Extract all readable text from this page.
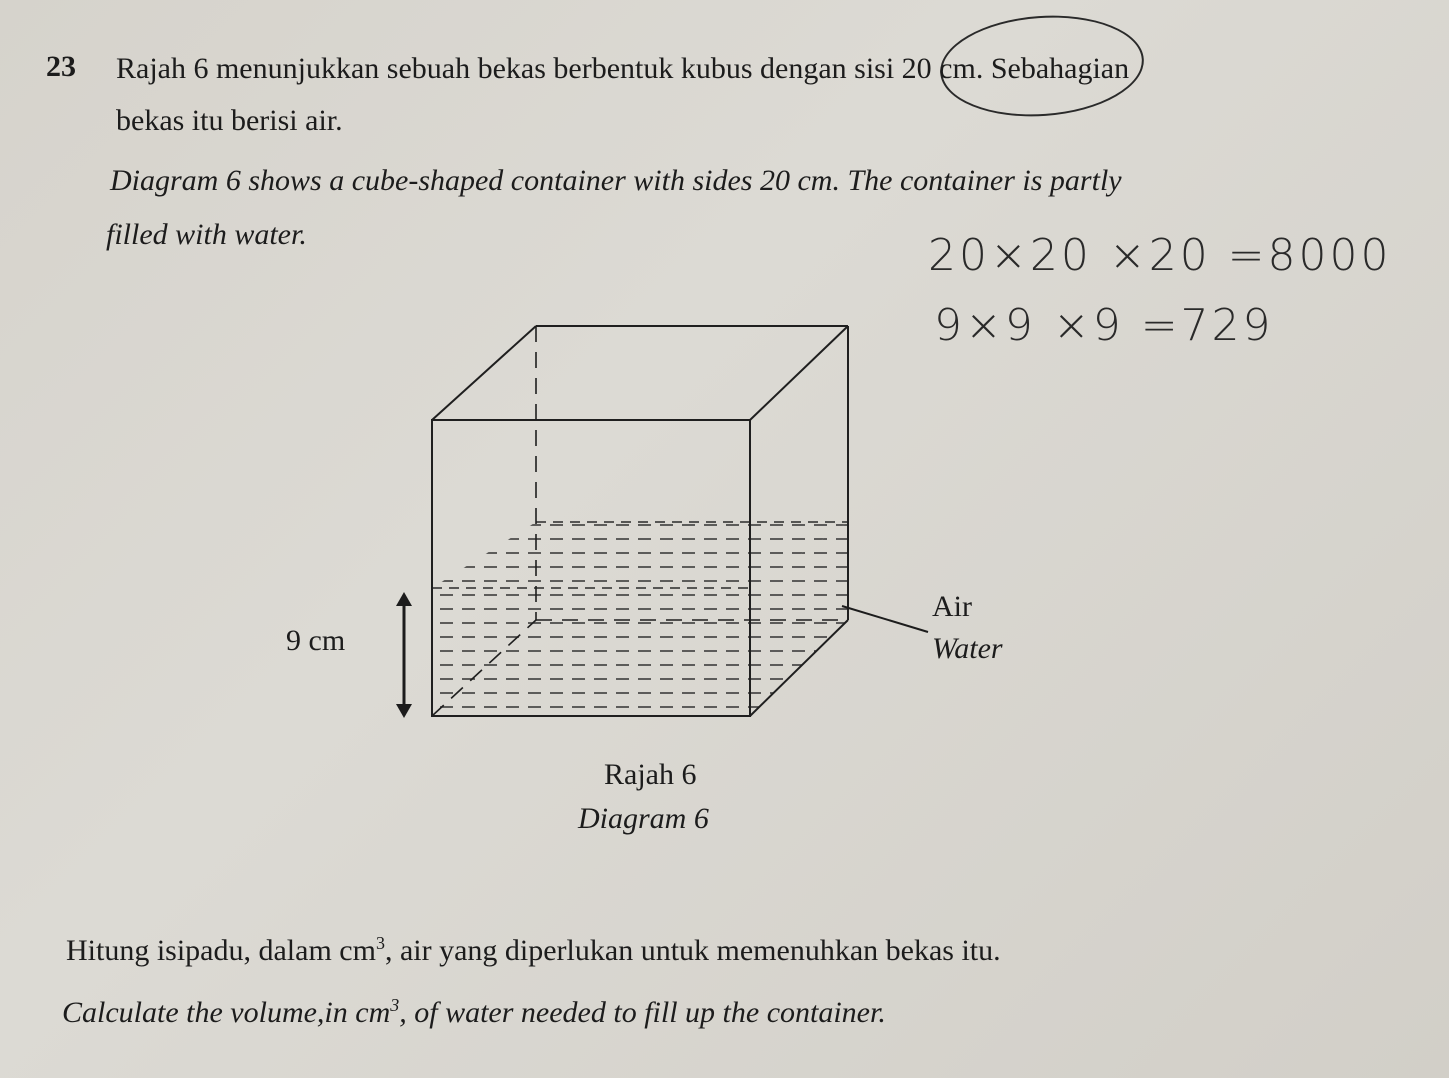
23 Rajah 6 menunjukkan sebuah bekas berbentuk kubus dengan sisi 20 cm. Sebahagian
bekas itu berisi air.
Diagram 6 shows a cube-shaped container with sides 20 cm. The container is partly
filled with water.	20×20 ×20 =8000
9×9 ×9 =729
9 cm
Air
Water
Rajah 6
Diagram 6
Hitung isipadu, dalam $cm^3$, air yang diperlukan untuk memenuhkan bekas itu.
Calculate the volume,in $cm^3$, of water needed to fill up the container.
